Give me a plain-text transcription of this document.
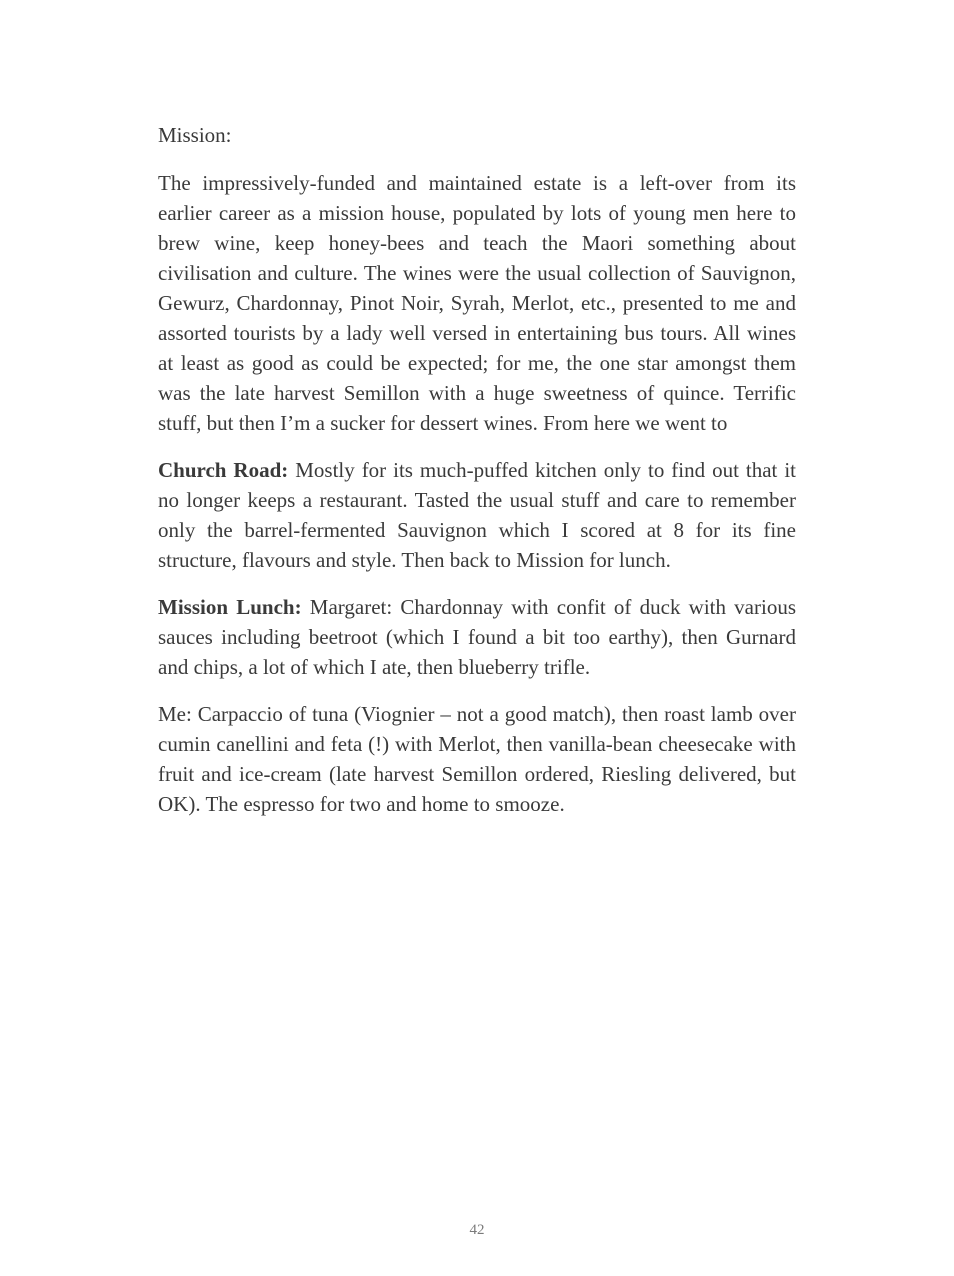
Mission:

The impressively-funded and maintained estate is a left-over from its earlier career as a mission house, populated by lots of young men here to brew wine, keep honey-bees and teach the Maori something about civilisation and culture. The wines were the usual collection of Sauvignon, Gewurz, Chardonnay, Pinot Noir, Syrah, Merlot, etc., presented to me and assorted tourists by a lady well versed in entertaining bus tours. All wines at least as good as could be expected; for me, the one star amongst them was the late harvest Semillon with a huge sweetness of quince. Terrific stuff, but then I’m a sucker for dessert wines. From here we went to

Church Road: Mostly for its much-puffed kitchen only to find out that it no longer keeps a restaurant. Tasted the usual stuff and care to remember only the barrel-fermented Sauvignon which I scored at 8 for its fine structure, flavours and style. Then back to Mission for lunch.

Mission Lunch: Margaret: Chardonnay with confit of duck with various sauces including beetroot (which I found a bit too earthy), then Gurnard and chips, a lot of which I ate, then blueberry trifle.

Me: Carpaccio of tuna (Viognier – not a good match), then roast lamb over cumin canellini and feta (!) with Merlot, then vanilla-bean cheesecake with fruit and ice-cream (late harvest Semillon ordered, Riesling delivered, but OK). The espresso for two and home to smooze.

42
